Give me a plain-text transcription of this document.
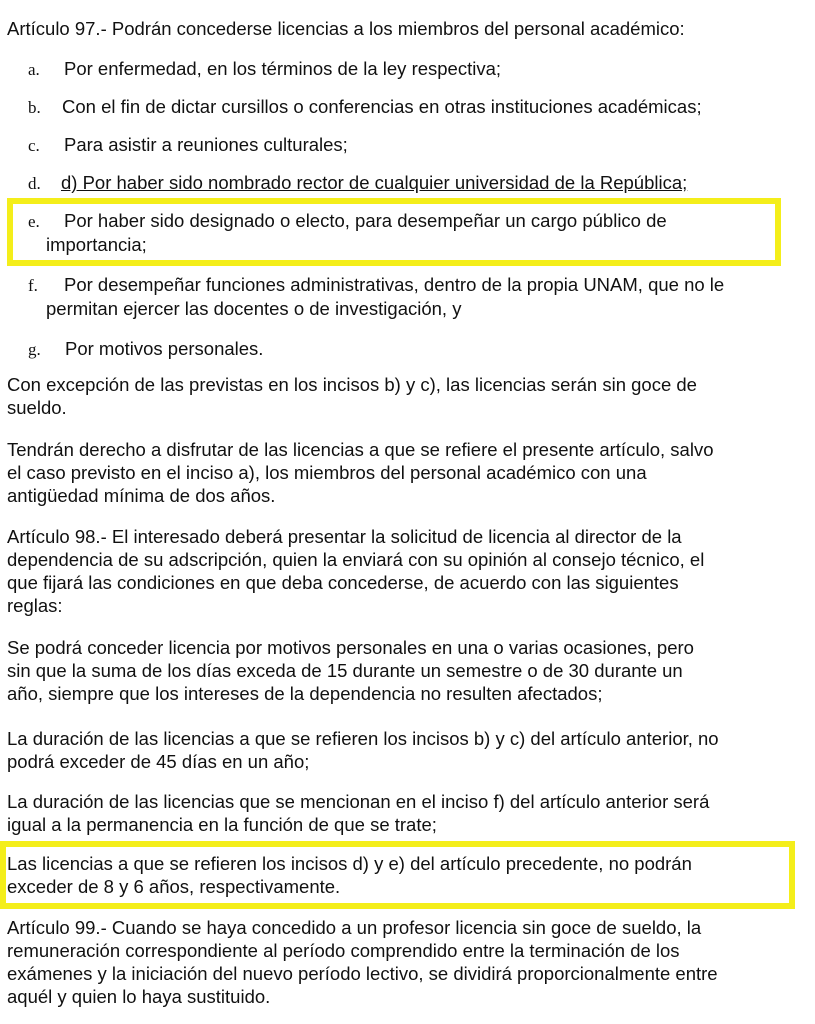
Artículo 97.- Podrán concederse licencias a los miembros del personal académico:
a. Por enfermedad, en los términos de la ley respectiva;
b. Con el fin de dictar cursillos o conferencias en otras instituciones académicas;
c. Para asistir a reuniones culturales;
d. d) Por haber sido nombrado rector de cualquier universidad de la República;
e. Por haber sido designado o electo, para desempeñar un cargo público de
importancia;
f. Por desempeñar funciones administrativas, dentro de la propia UNAM, que no le
permitan ejercer las docentes o de investigación, y
g. Por motivos personales.
Con excepción de las previstas en los incisos b) y c), las licencias serán sin goce de
sueldo.
Tendrán derecho a disfrutar de las licencias a que se refiere el presente artículo, salvo
el caso previsto en el inciso a), los miembros del personal académico con una
antigüedad mínima de dos años.
Artículo 98.- El interesado deberá presentar la solicitud de licencia al director de la
dependencia de su adscripción, quien la enviará con su opinión al consejo técnico, el
que fijará las condiciones en que deba concederse, de acuerdo con las siguientes
reglas:
Se podrá conceder licencia por motivos personales en una o varias ocasiones, pero
sin que la suma de los días exceda de 15 durante un semestre o de 30 durante un
año, siempre que los intereses de la dependencia no resulten afectados;
La duración de las licencias a que se refieren los incisos b) y c) del artículo anterior, no
podrá exceder de 45 días en un año;
La duración de las licencias que se mencionan en el inciso f) del artículo anterior será
igual a la permanencia en la función de que se trate;
Las licencias a que se refieren los incisos d) y e) del artículo precedente, no podrán
exceder de 8 y 6 años, respectivamente.
Artículo 99.- Cuando se haya concedido a un profesor licencia sin goce de sueldo, la
remuneración correspondiente al período comprendido entre la terminación de los
exámenes y la iniciación del nuevo período lectivo, se dividirá proporcionalmente entre
aquél y quien lo haya sustituido.
